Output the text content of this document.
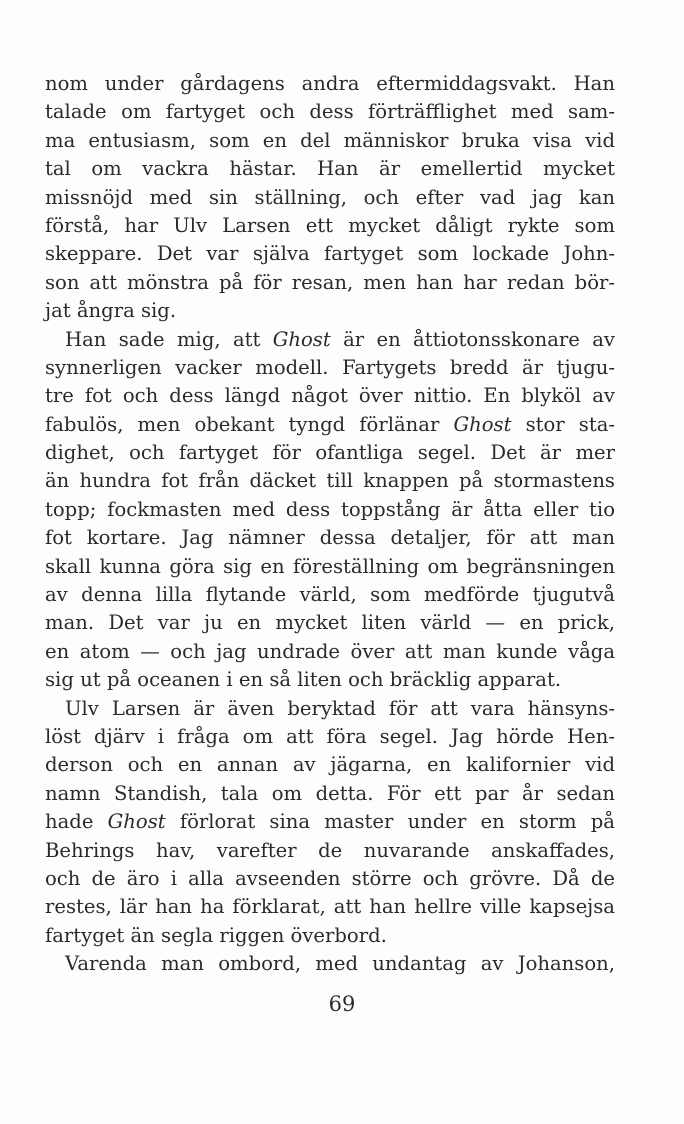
nom under gårdagens andra eftermiddagsvakt. Han
talade om fartyget och dess förträfflighet med sam-
ma entusiasm, som en del människor bruka visa vid
tal om vackra hästar. Han är emellertid mycket
missnöjd med sin ställning, och efter vad jag kan
förstå, har Ulv Larsen ett mycket dåligt rykte som
skeppare. Det var själva fartyget som lockade John-
son att mönstra på för resan, men han har redan bör-
jat ångra sig.
Han sade mig, att Ghost är en åttiotonsskonare av
synnerligen vacker modell. Fartygets bredd är tjugu-
tre fot och dess längd något över nittio. En blyköl av
fabulös, men obekant tyngd förlänar Ghost stor sta-
dighet, och fartyget för ofantliga segel. Det är mer
än hundra fot från däcket till knappen på stormastens
topp; fockmasten med dess toppstång är åtta eller tio
fot kortare. Jag nämner dessa detaljer, för att man
skall kunna göra sig en föreställning om begränsningen
av denna lilla flytande värld, som medförde tjugutvå
man. Det var ju en mycket liten värld — en prick,
en atom — och jag undrade över att man kunde våga
sig ut på oceanen i en så liten och bräcklig apparat.
Ulv Larsen är även beryktad för att vara hänsyns-
löst djärv i fråga om att föra segel. Jag hörde Hen-
derson och en annan av jägarna, en kalifornier vid
namn Standish, tala om detta. För ett par år sedan
hade Ghost förlorat sina master under en storm på
Behrings hav, varefter de nuvarande anskaffades,
och de äro i alla avseenden större och grövre. Då de
restes, lär han ha förklarat, att han hellre ville kapsejsa
fartyget än segla riggen överbord.
Varenda man ombord, med undantag av Johanson,
69
